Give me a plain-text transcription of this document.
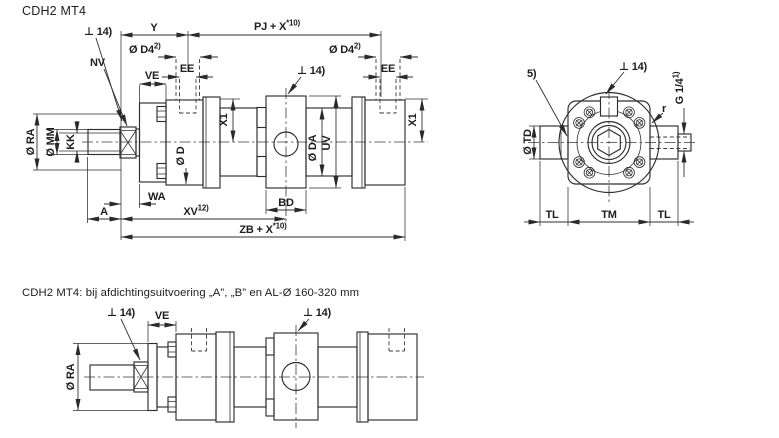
CDH2 MT4
CDH2 MT4: bij afdichtingsuitvoering „A”, „B” en AL-Ø 160-320 mm
⊥ 14)
NV
Y	PJ + $X^{*10)}$
Ø D4$^{2)}$	Ø D4$^{2)}$
EE	EE
VE
X1	X1
Ø RA Ø MM KK
Ø D	Ø DA UV
⊥ 14)
BD
WA
A	XV$^{12)}$
ZB + $X^{*10)}$
⊥ 14)
5)
G 1/4$^{1)}$
r
Ø TD
TL	TM	TL
⊥ 14) VE	⊥ 14)
Ø RA
